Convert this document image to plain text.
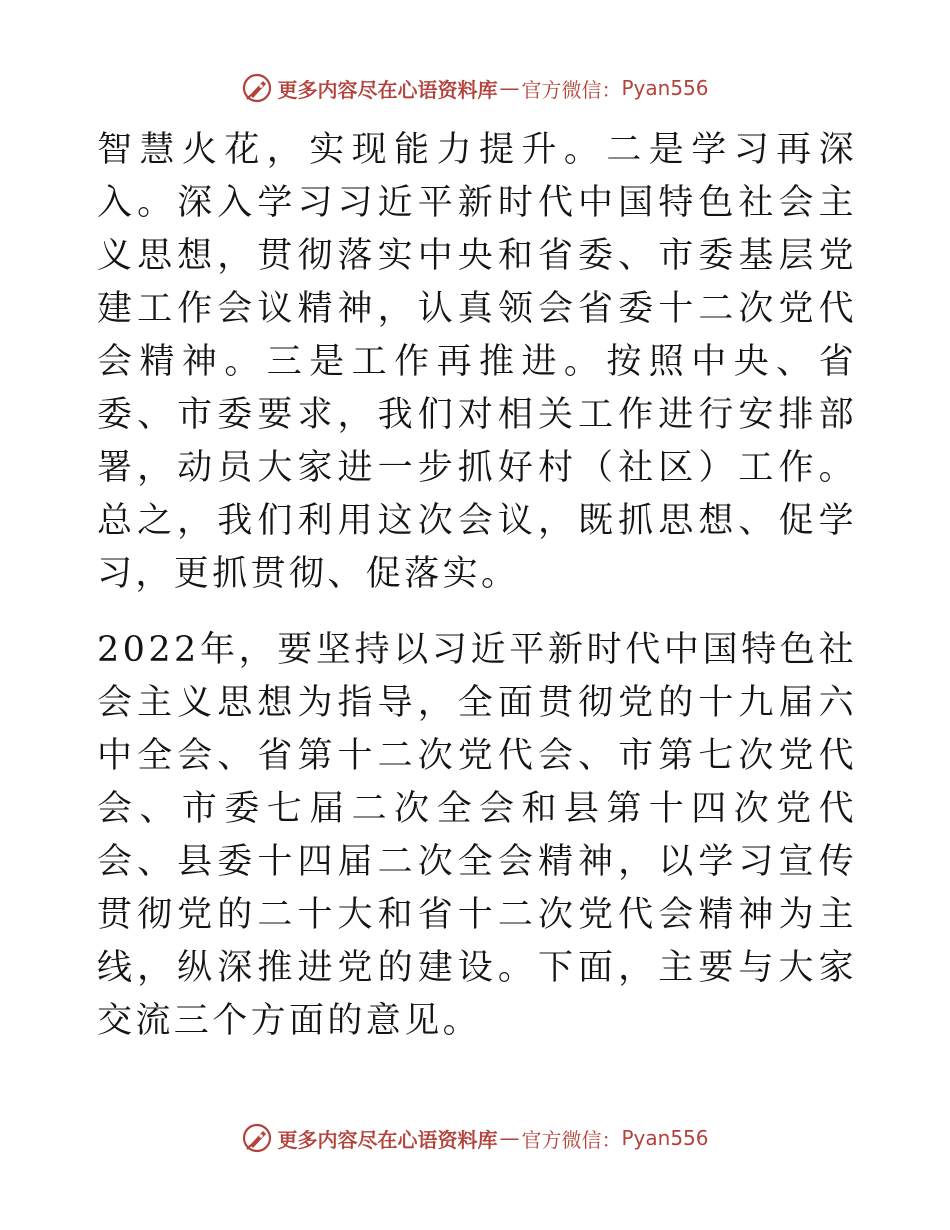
更多内容尽在心语资料库 — 官方微信： Pyan556

智慧火花，实现能力提升。二是学习再深入。深入学习习近平新时代中国特色社会主义思想，贯彻落实中央和省委、市委基层党建工作会议精神，认真领会省委十二次党代会精神。三是工作再推进。按照中央、省委、市委要求，我们对相关工作进行安排部署，动员大家进一步抓好村（社区）工作。总之，我们利用这次会议，既抓思想、促学习，更抓贯彻、促落实。

2022年，要坚持以习近平新时代中国特色社会主义思想为指导，全面贯彻党的十九届六中全会、省第十二次党代会、市第七次党代会、市委七届二次全会和县第十四次党代会、县委十四届二次全会精神，以学习宣传贯彻党的二十大和省十二次党代会精神为主线，纵深推进党的建设。下面，主要与大家交流三个方面的意见。

更多内容尽在心语资料库 — 官方微信： Pyan556
